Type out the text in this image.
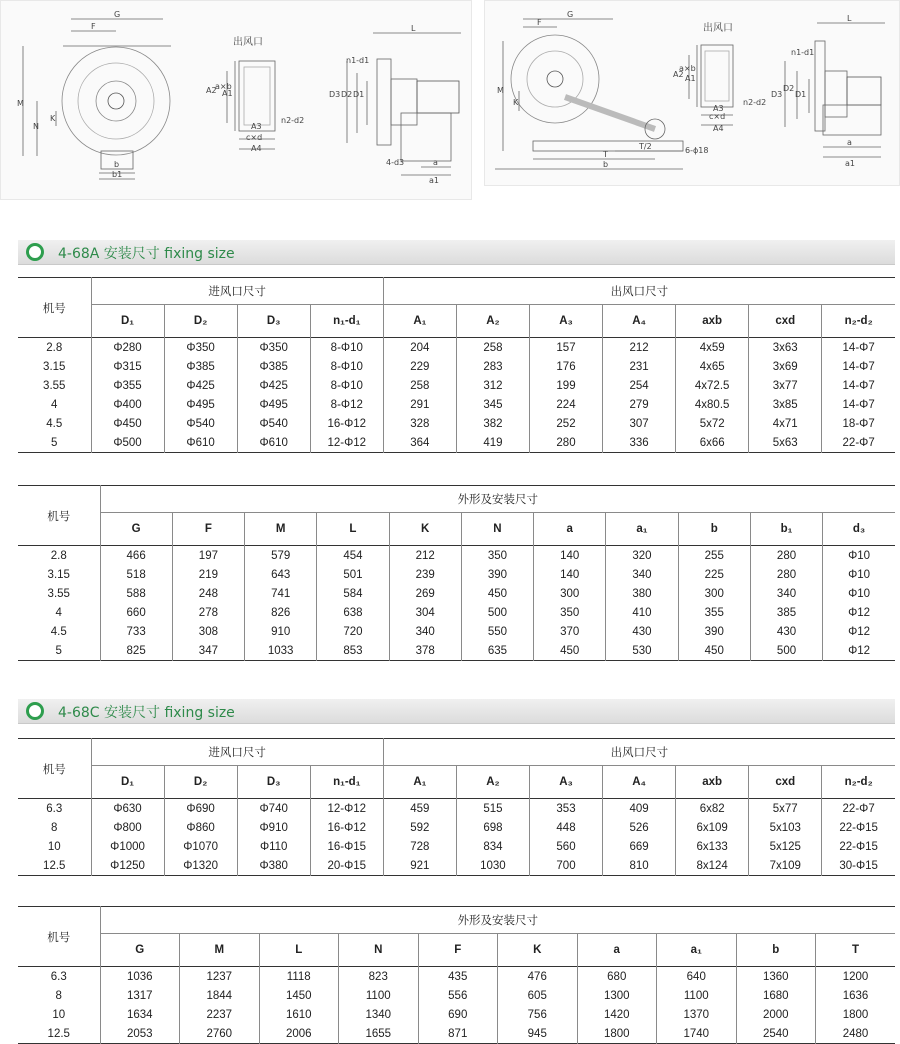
G
F
M
N
K
b
b1
出风口
A2
a×b
A1
A3
c×d
A4
n2-d2
n1-d1
L
D3 D2 D1
4-d3	a
a1
G
F
M
K
T
T/2
b
6-ϕ18
出风口
A2
a×b
A1
A3
c×d
A4
n2-d2
n1-d1
L
D3
D2
D1
a
a1
4-68A 安装尺寸 fixing size
机号	进风口尺寸				出风口尺寸						
	D₁	D₂	D₃	n₁-d₁	A₁	A₂	A₃	A₄	axb	cxd	n₂-d₂
2.8	Φ280	Φ350	Φ350	8-Φ10	204	258	157	212	4x59	3x63	14-Φ7
3.15	Φ315	Φ385	Φ385	8-Φ10	229	283	176	231	4x65	3x69	14-Φ7
3.55	Φ355	Φ425	Φ425	8-Φ10	258	312	199	254	4x72.5	3x77	14-Φ7
4	Φ400	Φ495	Φ495	8-Φ12	291	345	224	279	4x80.5	3x85	14-Φ7
4.5	Φ450	Φ540	Φ540	16-Φ12	328	382	252	307	5x72	4x71	18-Φ7
5	Φ500	Φ610	Φ610	12-Φ12	364	419	280	336	6x66	5x63	22-Φ7
机号	外形及安装尺寸										
	G	F	M	L	K	N	a	a₁	b	b₁	d₃
2.8	466	197	579	454	212	350	140	320	255	280	Φ10
3.15	518	219	643	501	239	390	140	340	225	280	Φ10
3.55	588	248	741	584	269	450	300	380	300	340	Φ10
4	660	278	826	638	304	500	350	410	355	385	Φ12
4.5	733	308	910	720	340	550	370	430	390	430	Φ12
5	825	347	1033	853	378	635	450	530	450	500	Φ12
4-68C 安装尺寸 fixing size
机号	进风口尺寸				出风口尺寸						
	D₁	D₂	D₃	n₁-d₁	A₁	A₂	A₃	A₄	axb	cxd	n₂-d₂
6.3	Φ630	Φ690	Φ740	12-Φ12	459	515	353	409	6x82	5x77	22-Φ7
8	Φ800	Φ860	Φ910	16-Φ12	592	698	448	526	6x109	5x103	22-Φ15
10	Φ1000	Φ1070	Φ110	16-Φ15	728	834	560	669	6x133	5x125	22-Φ15
12.5	Φ1250	Φ1320	Φ380	20-Φ15	921	1030	700	810	8x124	7x109	30-Φ15
机号	外形及安装尺寸									
	G	M	L	N	F	K	a	a₁	b	T
6.3	1036	1237	1118	823	435	476	680	640	1360	1200
8	1317	1844	1450	1100	556	605	1300	1100	1680	1636
10	1634	2237	1610	1340	690	756	1420	1370	2000	1800
12.5	2053	2760	2006	1655	871	945	1800	1740	2540	2480
